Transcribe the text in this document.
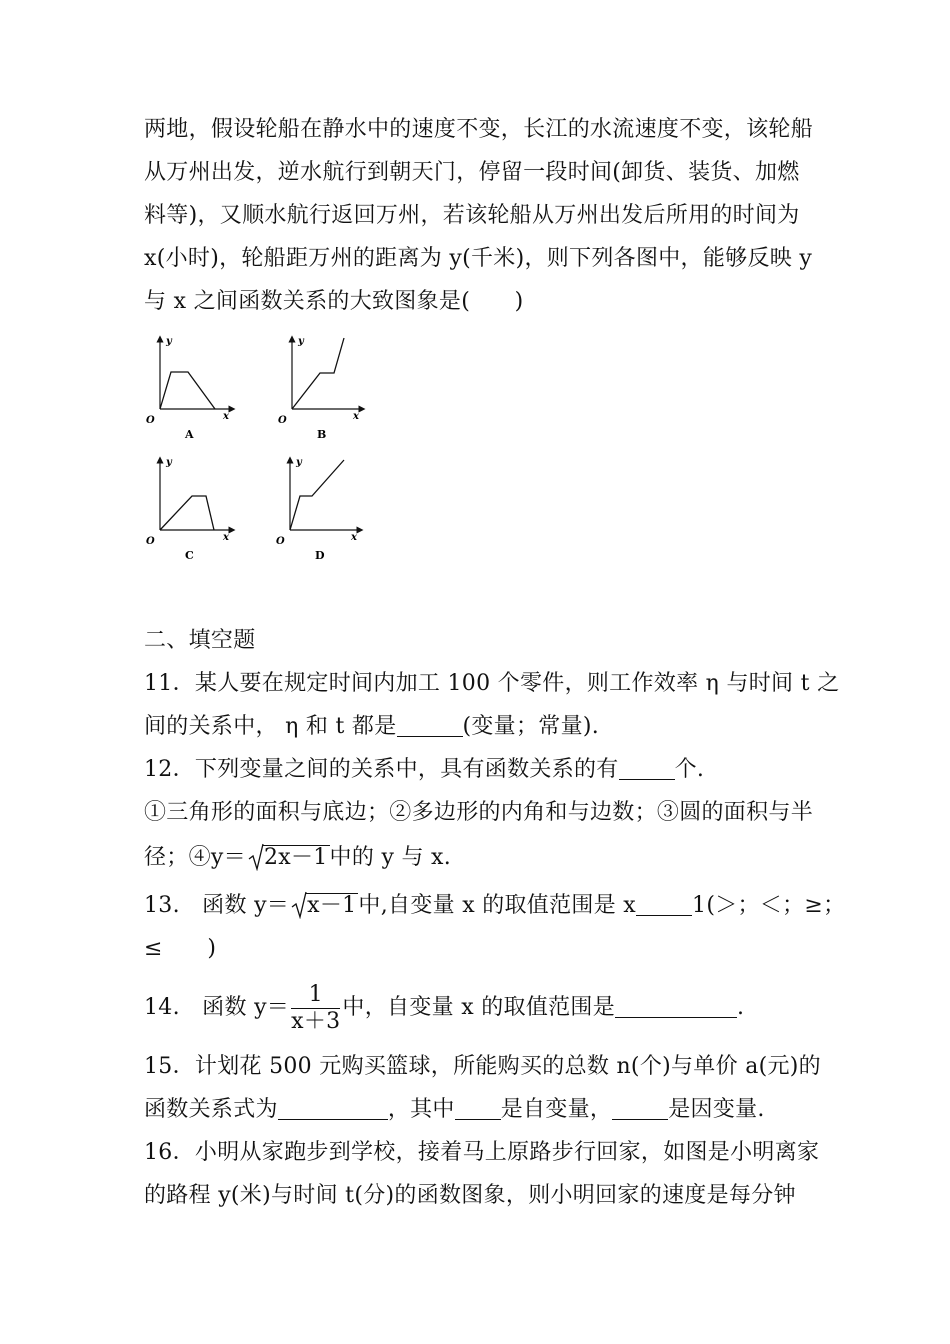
两地，假设轮船在静水中的速度不变，长江的水流速度不变，该轮船
从万州出发，逆水航行到朝天门，停留一段时间(卸货、装货、加燃
料等)，又顺水航行返回万州，若该轮船从万州出发后所用的时间为
x(小时)，轮船距万州的距离为 y(千米)，则下列各图中，能够反映 y
与 x 之间函数关系的大致图象是(　　)
y
x
O
A
y
x
O
B
y
x
O
C
y
x
O
D
二、填空题
11．某人要在规定时间内加工 100 个零件，则工作效率 η 与时间 t 之
间的关系中， η 和 t 都是	(变量；常量).
12．下列变量之间的关系中，具有函数关系的有	个.
①三角形的面积与底边；②多边形的内角和与边数；③圆的面积与半
径；④y＝ 2x－1中的 y 与 x.
13.　函数 y＝ x－1中,自变量 x 的取值范围是 x	1(＞；＜；≥；
≤　　)
14.　函数 $y= \frac{1}{x+3}$ 中，自变量 x 的取值范围是	.
15．计划花 500 元购买篮球，所能购买的总数 n(个)与单价 a(元)的
函数关系式为	，其中 是自变量，	是因变量.
16．小明从家跑步到学校，接着马上原路步行回家，如图是小明离家
的路程 y(米)与时间 t(分)的函数图象，则小明回家的速度是每分钟
